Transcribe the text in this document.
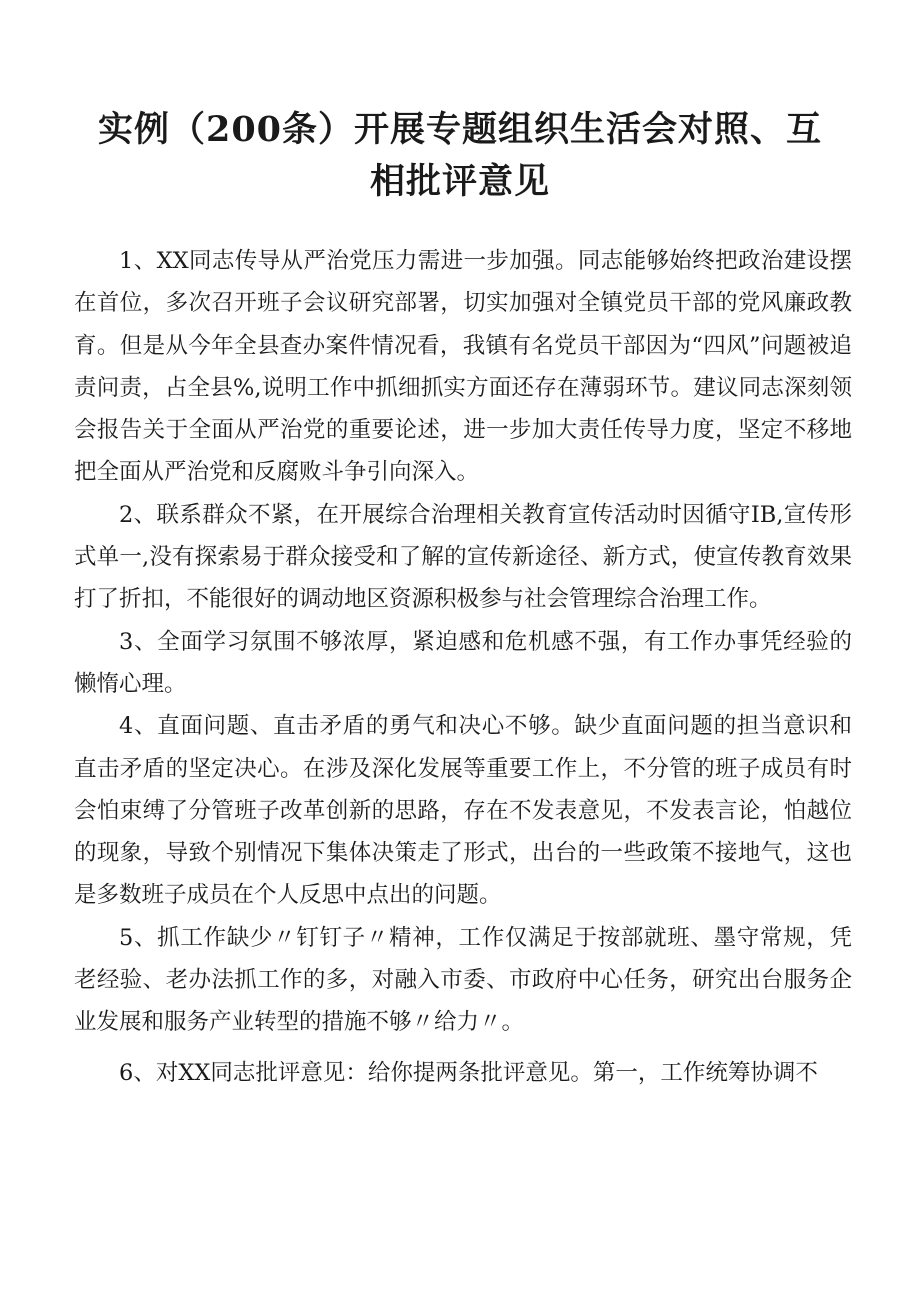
实例（200条）开展专题组织生活会对照、互相批评意见

1、XX同志传导从严治党压力需进一步加强。同志能够始终把政治建设摆在首位，多次召开班子会议研究部署，切实加强对全镇党员干部的党风廉政教育。但是从今年全县查办案件情况看，我镇有名党员干部因为“四风”问题被追责问责，占全县%,说明工作中抓细抓实方面还存在薄弱环节。建议同志深刻领会报告关于全面从严治党的重要论述，进一步加大责任传导力度，坚定不移地把全面从严治党和反腐败斗争引向深入。

2、联系群众不紧，在开展综合治理相关教育宣传活动时因循守IB,宣传形式单一,没有探索易于群众接受和了解的宣传新途径、新方式，使宣传教育效果打了折扣，不能很好的调动地区资源积极参与社会管理综合治理工作。

3、全面学习氛围不够浓厚，紧迫感和危机感不强，有工作办事凭经验的懒惰心理。

4、直面问题、直击矛盾的勇气和决心不够。缺少直面问题的担当意识和直击矛盾的坚定决心。在涉及深化发展等重要工作上，不分管的班子成员有时会怕束缚了分管班子改革创新的思路，存在不发表意见，不发表言论，怕越位的现象，导致个别情况下集体决策走了形式，出台的一些政策不接地气，这也是多数班子成员在个人反思中点出的问题。

5、抓工作缺少〃钉钉子〃精神，工作仅满足于按部就班、墨守常规，凭老经验、老办法抓工作的多，对融入市委、市政府中心任务，研究出台服务企业发展和服务产业转型的措施不够〃给力〃。

6、对XX同志批评意见：给你提两条批评意见。第一，工作统筹协调不
